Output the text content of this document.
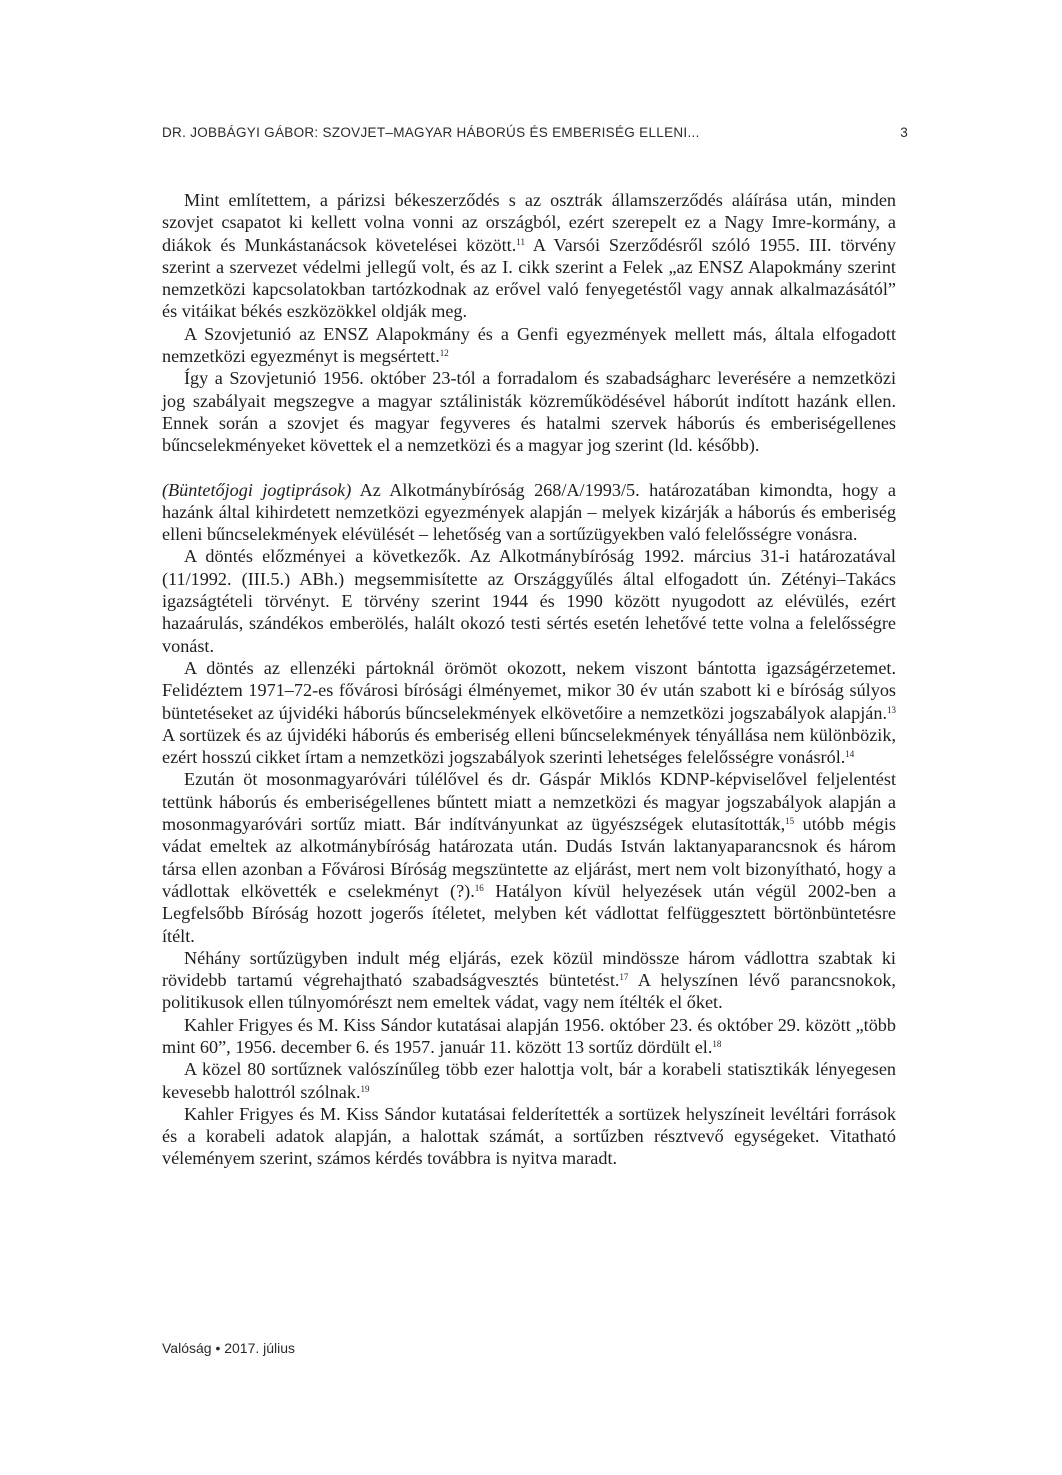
DR. JOBBÁGYI GÁBOR: SZOVJET–MAGYAR HÁBORÚS ÉS EMBERISÉG ELLENI...	3

Mint említettem, a párizsi békeszerződés s az osztrák államszerződés aláírása után, minden szovjet csapatot ki kellett volna vonni az országból, ezért szerepelt ez a Nagy Imre-kormány, a diákok és Munkástanácsok követelései között.$^{11}$ A Varsói Szerződésről szóló 1955. III. törvény szerint a szervezet védelmi jellegű volt, és az I. cikk szerint a Felek „az ENSZ Alapokmány szerint nemzetközi kapcsolatokban tartózkodnak az erővel való fenyegetéstől vagy annak alkalmazásától” és vitáikat békés eszközökkel oldják meg.

A Szovjetunió az ENSZ Alapokmány és a Genfi egyezmények mellett más, általa elfogadott nemzetközi egyezményt is megsértett.$^{12}$

Így a Szovjetunió 1956. október 23-tól a forradalom és szabadságharc leverésére a nemzetközi jog szabályait megszegve a magyar sztálinisták közreműködésével háborút indított hazánk ellen. Ennek során a szovjet és magyar fegyveres és hatalmi szervek háborús és emberiségellenes bűncselekményeket követtek el a nemzetközi és a magyar jog szerint (ld. később).

(Büntetőjogi jogtiprások) Az Alkotmánybíróság 268/A/1993/5. határozatában kimondta, hogy a hazánk által kihirdetett nemzetközi egyezmények alapján – melyek kizárják a háborús és emberiség elleni bűncselekmények elévülését – lehetőség van a sortűzügyekben való felelősségre vonásra.

A döntés előzményei a következők. Az Alkotmánybíróság 1992. március 31-i határozatával (11/1992. (III.5.) ABh.) megsemmisítette az Országgyűlés által elfogadott ún. Zétényi–Takács igazságtételi törvényt. E törvény szerint 1944 és 1990 között nyugodott az elévülés, ezért hazaárulás, szándékos emberölés, halált okozó testi sértés esetén lehetővé tette volna a felelősségre vonást.

A döntés az ellenzéki pártoknál örömöt okozott, nekem viszont bántotta igazságérzetemet. Felidéztem 1971–72-es fővárosi bírósági élményemet, mikor 30 év után szabott ki e bíróság súlyos büntetéseket az újvidéki háborús bűncselekmények elkövetőire a nemzetközi jogszabályok alapján.$^{13}$ A sortüzek és az újvidéki háborús és emberiség elleni bűncselekmények tényállása nem különbözik, ezért hosszú cikket írtam a nemzetközi jogszabályok szerinti lehetséges felelősségre vonásról.$^{14}$

Ezután öt mosonmagyaróvári túlélővel és dr. Gáspár Miklós KDNP-képviselővel feljelentést tettünk háborús és emberiségellenes bűntett miatt a nemzetközi és magyar jogszabályok alapján a mosonmagyaróvári sortűz miatt. Bár indítványunkat az ügyészségek elutasították,$^{15}$ utóbb mégis vádat emeltek az alkotmánybíróság határozata után. Dudás István laktanyaparancsnok és három társa ellen azonban a Fővárosi Bíróság megszüntette az eljárást, mert nem volt bizonyítható, hogy a vádlottak elkövették e cselekményt (?).$^{16}$ Hatályon kívül helyezések után végül 2002-ben a Legfelsőbb Bíróság hozott jogerős ítéletet, melyben két vádlottat felfüggesztett börtönbüntetésre ítélt.

Néhány sortűzügyben indult még eljárás, ezek közül mindössze három vádlottra szabtak ki rövidebb tartamú végrehajtható szabadságvesztés büntetést.$^{17}$ A helyszínen lévő parancsnokok, politikusok ellen túlnyomórészt nem emeltek vádat, vagy nem ítélték el őket.

Kahler Frigyes és M. Kiss Sándor kutatásai alapján 1956. október 23. és október 29. között „több mint 60”, 1956. december 6. és 1957. január 11. között 13 sortűz dördült el.$^{18}$

A közel 80 sortűznek valószínűleg több ezer halottja volt, bár a korabeli statisztikák lényegesen kevesebb halottról szólnak.$^{19}$

Kahler Frigyes és M. Kiss Sándor kutatásai felderítették a sortüzek helyszíneit levéltári források és a korabeli adatok alapján, a halottak számát, a sortűzben résztvevő egységeket. Vitatható véleményem szerint, számos kérdés továbbra is nyitva maradt.

Valóság • 2017. július
